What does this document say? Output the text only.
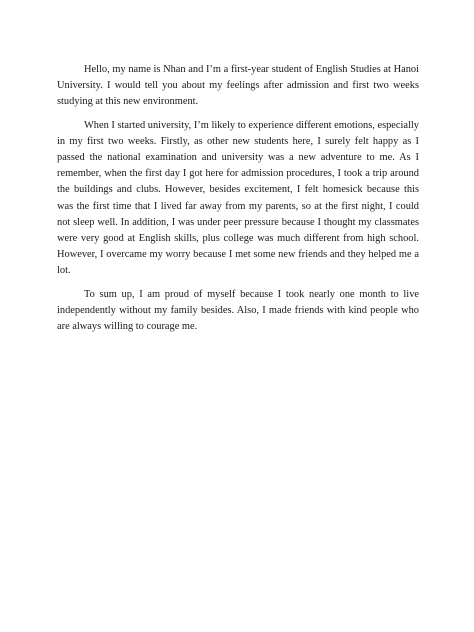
Hello, my name is Nhan and I’m a first-year student of English Studies at Hanoi University. I would tell you about my feelings after admission and first two weeks studying at this new environment.

When I started university, I’m likely to experience different emotions, especially in my first two weeks. Firstly, as other new students here, I surely felt happy as I passed the national examination and university was a new adventure to me. As I remember, when the first day I got here for admission procedures, I took a trip around the buildings and clubs. However, besides excitement, I felt homesick because this was the first time that I lived far away from my parents, so at the first night, I could not sleep well. In addition, I was under peer pressure because I thought my classmates were very good at English skills, plus college was much different from high school. However, I overcame my worry because I met some new friends and they helped me a lot.

To sum up, I am proud of myself because I took nearly one month to live independently without my family besides. Also, I made friends with kind people who are always willing to courage me.
